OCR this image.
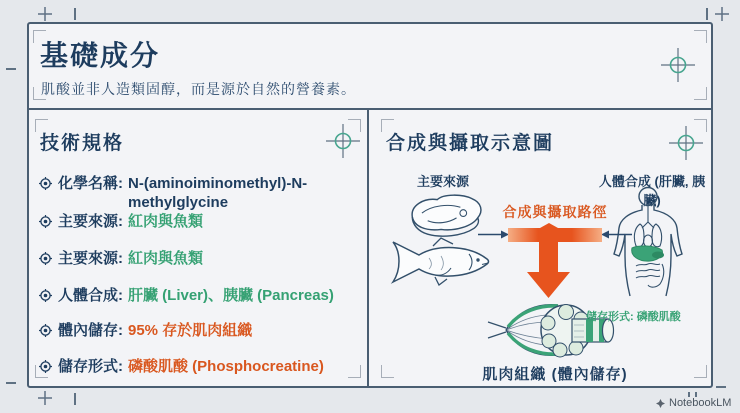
基礎成分
肌酸並非人造類固醇，而是源於自然的營養素。
技術規格
化學名稱: N-(aminoiminomethyl)-N-methylglycine
主要來源: 紅肉與魚類
主要來源: 紅肉與魚類
人體合成: 肝臟 (Liver)、胰臟 (Pancreas)
體內儲存: 95% 存於肌肉組織
儲存形式: 磷酸肌酸 (Phosphocreatine)
合成與攝取示意圖
主要來源	人體合成 (肝臟, 胰臟)
合成與攝取路徑
儲存形式: 磷酸肌酸
肌肉組織 (體內儲存)
NotebookLM
